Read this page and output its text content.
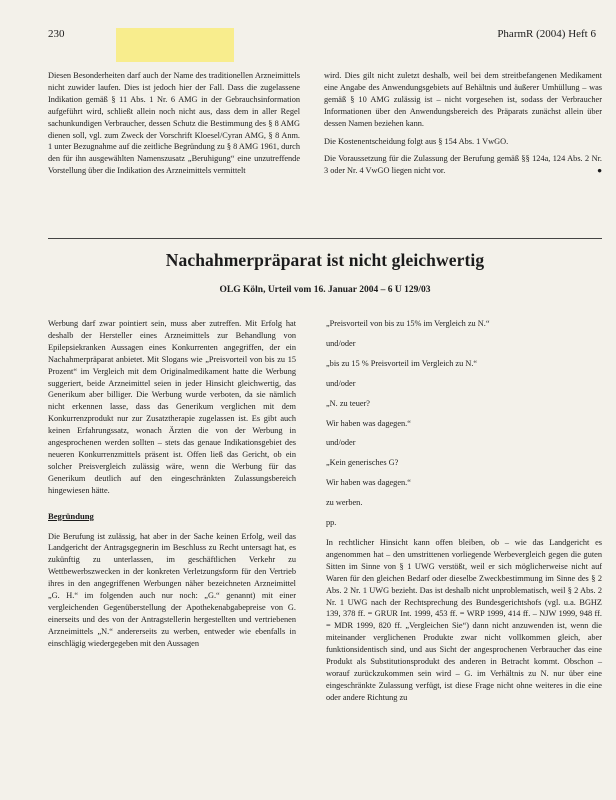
230	PharmR (2004) Heft 6

Diesen Besonderheiten darf auch der Name des traditionellen Arzneimittels nicht zuwider laufen. Dies ist jedoch hier der Fall. Dass die zugelassene Indikation gemäß § 11 Abs. 1 Nr. 6 AMG in der Gebrauchsinformation aufgeführt wird, schließt allein noch nicht aus, dass dem in aller Regel sachunkundigen Verbraucher, dessen Schutz die Bestimmung des § 8 AMG dienen soll, vgl. zum Zweck der Vorschrift Kloesel/Cyran AMG, § 8 Anm. 1 unter Bezugnahme auf die zeitliche Begründung zu § 8 AMG 1961, durch den für ihn ausgewählten Namenszusatz „Beruhigung“ eine unzutreffende Vorstellung über die Indikation des Arzneimittels vermittelt

wird. Dies gilt nicht zuletzt deshalb, weil bei dem streitbefangenen Medikament eine Angabe des Anwendungsgebiets auf Behältnis und äußerer Umhüllung – was gemäß § 10 AMG zulässig ist – nicht vorgesehen ist, sodass der Verbraucher Informationen über den Anwendungsbereich des Präparats zunächst allein über dessen Namen beziehen kann.

Die Kostenentscheidung folgt aus § 154 Abs. 1 VwGO.

Die Voraussetzung für die Zulassung der Berufung gemäß §§ 124a, 124 Abs. 2 Nr. 3 oder Nr. 4 VwGO liegen nicht vor.	●

Nachahmerpräparat ist nicht gleichwertig
OLG Köln, Urteil vom 16. Januar 2004 – 6 U 129/03

Werbung darf zwar pointiert sein, muss aber zutreffen. Mit Erfolg hat deshalb der Hersteller eines Arzneimittels zur Behandlung von Epilepsiekranken Aussagen eines Konkurrenten angegriffen, der ein Nachahmerpräparat anbietet. Mit Slogans wie „Preisvorteil von bis zu 15 Prozent“ im Vergleich mit dem Originalmedikament hatte die Werbung suggeriert, beide Arzneimittel seien in jeder Hinsicht gleichwertig, das Generikum aber billiger. Die Werbung wurde verboten, da sie nämlich nicht erkennen lasse, dass das Generikum verglichen mit dem Konkurrenzprodukt nur zur Zusatztherapie zugelassen ist. Es gibt auch keinen Erfahrungssatz, wonach Ärzten die von der Werbung in angesprochenen werden sollten – stets das genaue Indikationsgebiet des neueren Konkurrenzmittels präsent ist. Offen ließ das Gericht, ob ein solcher Preisvergleich zulässig wäre, wenn die Werbung für das Generikum deutlich auf den eingeschränkten Zulassungsbereich hingewiesen hätte.

Begründung

Die Berufung ist zulässig, hat aber in der Sache keinen Erfolg, weil das Landgericht der Antragsgegnerin im Beschluss zu Recht untersagt hat, es zukünftig zu unterlassen, im geschäftlichen Verkehr zu Wettbewerbszwecken in der konkreten Verletzungsform für den Vertrieb ihres in den angegriffenen Werbungen näher bezeichneten Arzneimittel „G. H.“ im folgenden auch nur noch: „G.“ genannt) mit einer vergleichenden Gegenüberstellung der Apothekenabgabepreise von G. einerseits und des von der Antragstellerin hergestellten und vertriebenen Arzneimittels „N.“ andererseits zu werben, entweder wie ebenfalls in einschlägig wiedergegeben mit den Aussagen

„Preisvorteil von bis zu 15% im Vergleich zu N.“
und/oder
„bis zu 15 % Preisvorteil im Vergleich zu N.“
und/oder
„N. zu teuer?
Wir haben was dagegen.“
und/oder
„Kein generisches G?
Wir haben was dagegen.“
zu werben.
pp.

In rechtlicher Hinsicht kann offen bleiben, ob – wie das Landgericht es angenommen hat – den umstrittenen vorliegende Werbevergleich gegen die guten Sitten im Sinne von § 1 UWG verstößt, weil er sich möglicherweise nicht auf Waren für den gleichen Bedarf oder dieselbe Zweckbestimmung im Sinne des § 2 Abs. 2 Nr. 1 UWG bezieht. Das ist deshalb nicht unproblematisch, weil § 2 Abs. 2 Nr. 1 UWG nach der Rechtsprechung des Bundesgerichtshofs (vgl. u.a. BGHZ 139, 378 ff. = GRUR Int. 1999, 453 ff. = WRP 1999, 414 ff. – NJW 1999, 948 ff. = MDR 1999, 820 ff. „Vergleichen Sie“) dann nicht anzuwenden ist, wenn die miteinander verglichenen Produkte zwar nicht vollkommen gleich, aber funktionsidentisch sind, und aus Sicht der angesprochenen Verbraucher das eine Produkt als Substitutionsprodukt des anderen in Betracht kommt. Obschon – worauf zurückzukommen sein wird – G. im Verhältnis zu N. nur über eine eingeschränkte Zulassung verfügt, ist diese Frage nicht ohne weiteres in die eine oder andere Richtung zu
